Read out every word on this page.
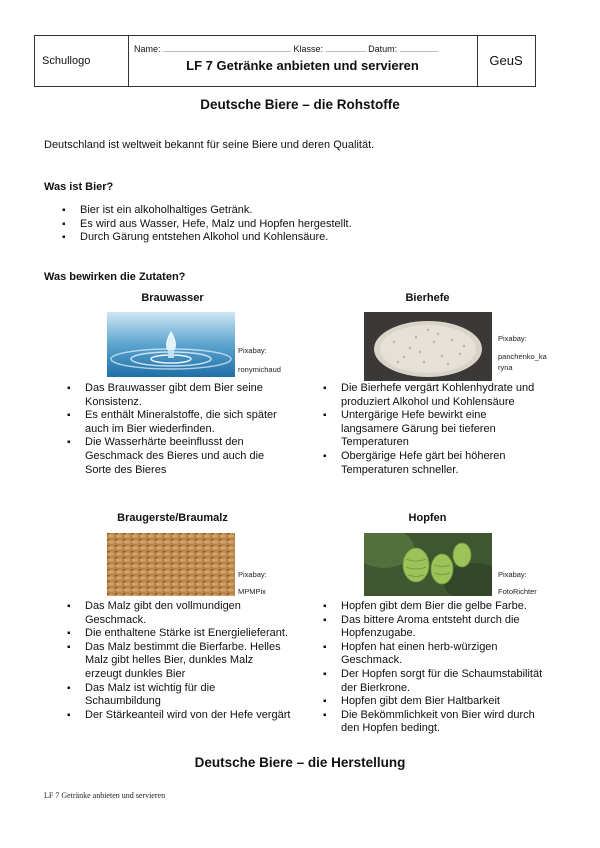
Schullogo
Name:	Klasse:	Datum:
LF 7 Getränke anbieten und servieren	GeuS
Deutsche Biere – die Rohstoffe
Deutschland ist weltweit bekannt für seine Biere und deren Qualität.
Was ist Bier?
▪ Bier ist ein alkoholhaltiges Getränk.
▪ Es wird aus Wasser, Hefe, Malz und Hopfen hergestellt.
▪ Durch Gärung entstehen Alkohol und Kohlensäure.
Was bewirken die Zutaten?
Brauwasser
Pixabay:
ronymichaud
▪ Das Brauwasser gibt dem Bier seine Konsistenz.
▪ Es enthält Mineralstoffe, die sich später auch im Bier wiederfinden.
▪ Die Wasserhärte beeinflusst den Geschmack des Bieres und auch die Sorte des Bieres
Bierhefe
Pixabay:
panchenko_ka ryna
▪ Die Bierhefe vergärt Kohlenhydrate und produziert Alkohol und Kohlensäure
▪ Untergärige Hefe bewirkt eine langsamere Gärung bei tieferen Temperaturen
▪ Obergärige Hefe gärt bei höheren Temperaturen schneller.
Braugerste/Braumalz
Pixabay:
MPMPix
▪ Das Malz gibt den vollmundigen Geschmack.
▪ Die enthaltene Stärke ist Energielieferant.
▪ Das Malz bestimmt die Bierfarbe. Helles Malz gibt helles Bier, dunkles Malz erzeugt dunkles Bier
▪ Das Malz ist wichtig für die Schaumbildung
▪ Der Stärkeanteil wird von der Hefe vergärt
Hopfen
Pixabay:
FotoRichter
▪ Hopfen gibt dem Bier die gelbe Farbe.
▪ Das bittere Aroma entsteht durch die Hopfenzugabe.
▪ Hopfen hat einen herb-würzigen Geschmack.
▪ Der Hopfen sorgt für die Schaumstabilität der Bierkrone.
▪ Hopfen gibt dem Bier Haltbarkeit
▪ Die Bekömmlichkeit von Bier wird durch den Hopfen bedingt.
Deutsche Biere – die Herstellung
LF 7 Getränke anbieten und servieren
